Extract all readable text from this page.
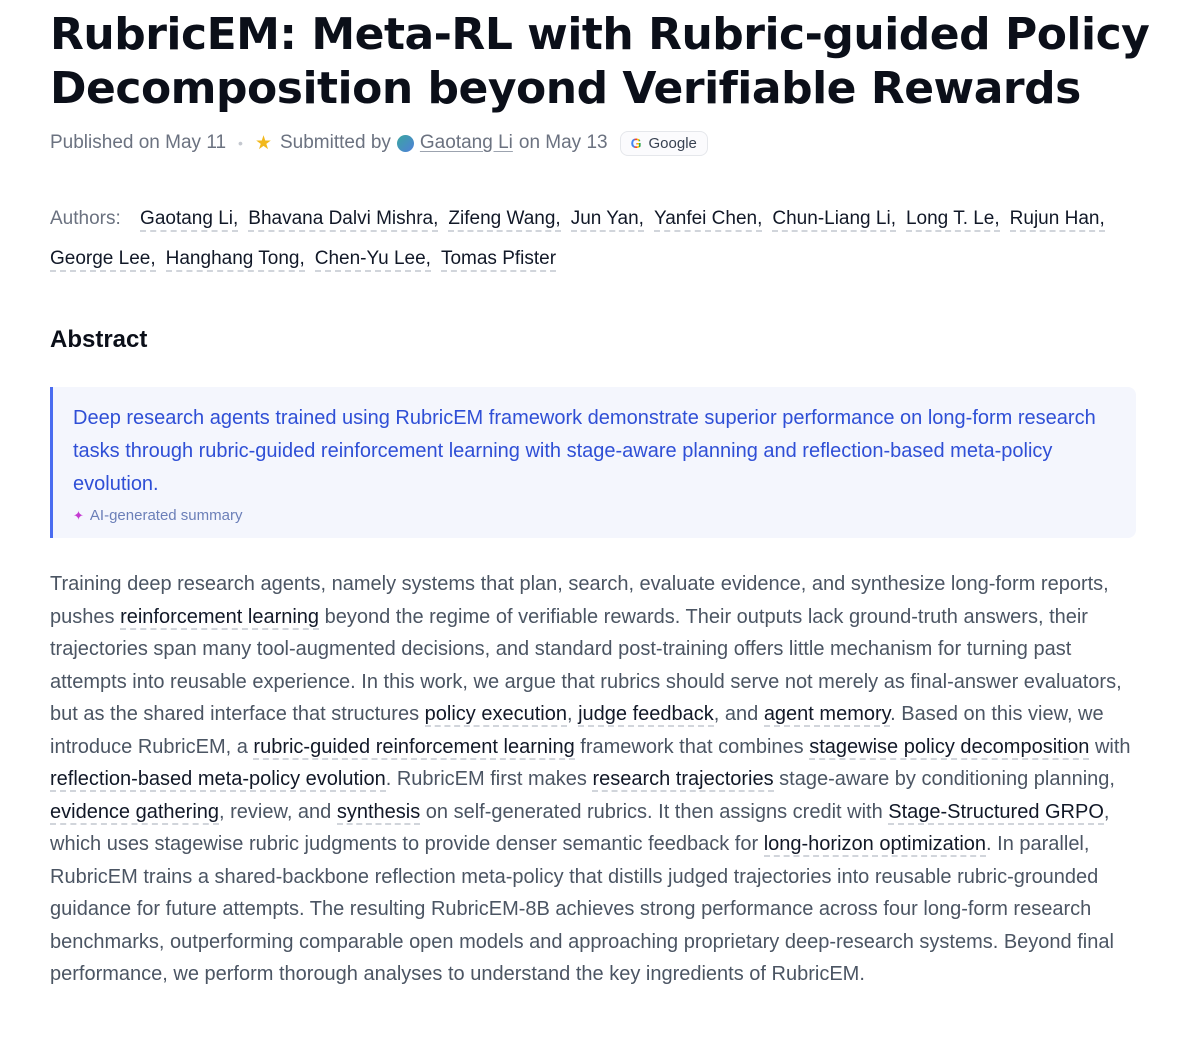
RubricEM: Meta-RL with Rubric-guided Policy Decomposition beyond Verifiable Rewards
Published on May 11 • ★ Submitted by Gaotang Li on May 13 G Google
Authors: Gaotang Li, Bhavana Dalvi Mishra, Zifeng Wang, Jun Yan, Yanfei Chen, Chun-Liang Li, Long T. Le, Rujun Han,George Lee, Hanghang Tong, Chen-Yu Lee, Tomas Pfister
Abstract
Deep research agents trained using RubricEM framework demonstrate superior performance on long-form research tasks through rubric-guided reinforcement learning with stage-aware planning and reflection-based meta-policy evolution.
✦ AI-generated summary

Training deep research agents, namely systems that plan, search, evaluate evidence, and synthesize long-form reports, pushes reinforcement learning beyond the regime of verifiable rewards. Their outputs lack ground-truth answers, their trajectories span many tool-augmented decisions, and standard post-training offers little mechanism for turning past attempts into reusable experience. In this work, we argue that rubrics should serve not merely as final-answer evaluators, but as the shared interface that structures policy execution, judge feedback, and agent memory. Based on this view, we introduce RubricEM, a rubric-guided reinforcement learning framework that combines stagewise policy decomposition with reflection-based meta-policy evolution. RubricEM first makes research trajectories stage-aware by conditioning planning, evidence gathering, review, and synthesis on self-generated rubrics. It then assigns credit with Stage-Structured GRPO, which uses stagewise rubric judgments to provide denser semantic feedback for long-horizon optimization. In parallel, RubricEM trains a shared-backbone reflection meta-policy that distills judged trajectories into reusable rubric-grounded guidance for future attempts. The resulting RubricEM-8B achieves strong performance across four long-form research benchmarks, outperforming comparable open models and approaching proprietary deep-research systems. Beyond final performance, we perform thorough analyses to understand the key ingredients of RubricEM.
